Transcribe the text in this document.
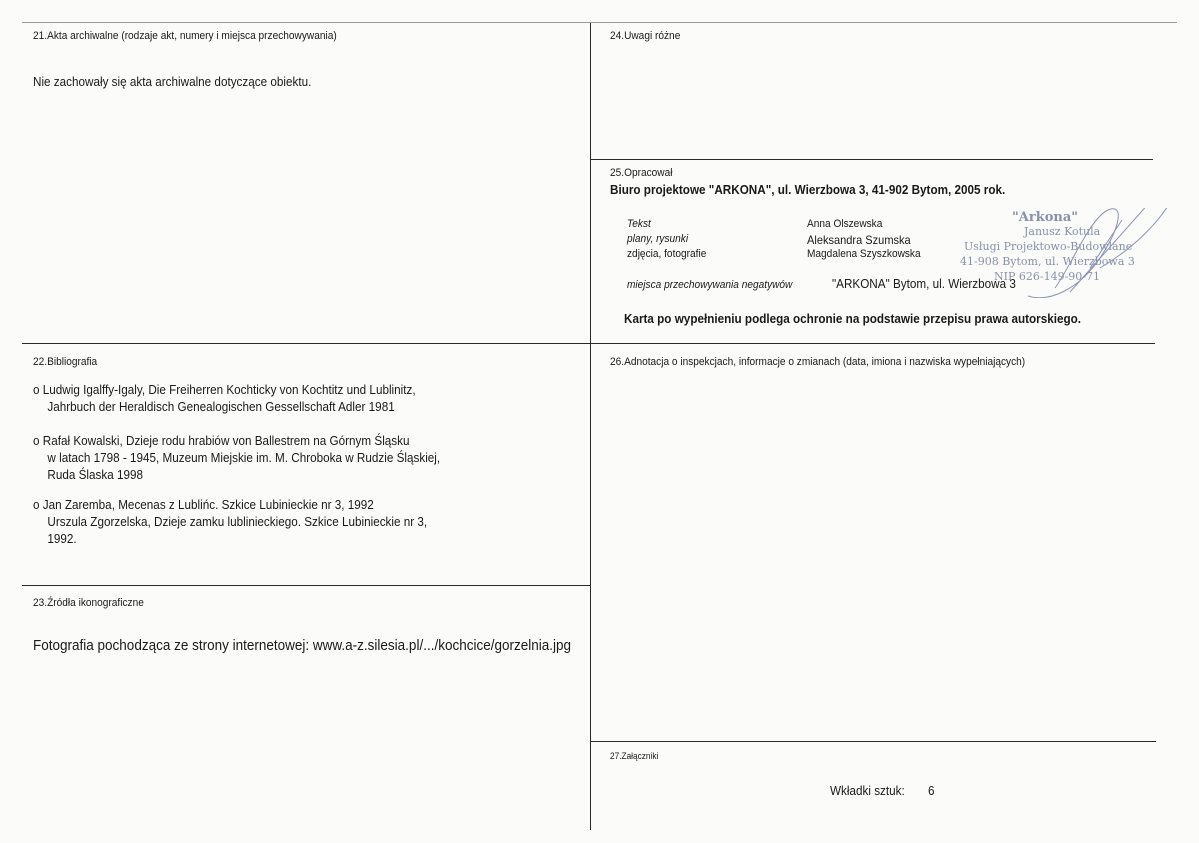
21.Akta archiwalne (rodzaje akt, numery i miejsca przechowywania)
Nie zachowały się akta archiwalne dotyczące obiektu.
24.Uwagi różne
25.Opracował
Biuro projektowe "ARKONA", ul. Wierzbowa 3, 41-902 Bytom, 2005 rok.
Tekst
plany, rysunki
zdjęcia, fotografie
Anna Olszewska
Aleksandra Szumska
Magdalena Szyszkowska
miejsca przechowywania negatywów	"ARKONA" Bytom, ul. Wierzbowa 3
Karta po wypełnieniu podlega ochronie na podstawie przepisu prawa autorskiego.
"Arkona"
Janusz Kotula
Usługi Projektowo-Budowlane
41-908 Bytom, ul. Wierzbowa 3
NIP 626-149-90-71
22.Bibliografia
o Ludwig Igalffy-Igaly, Die Freiherren Kochticky von Kochtitz und Lublinitz,
Jahrbuch der Heraldisch Genealogischen Gessellschaft Adler 1981
o Rafał Kowalski, Dzieje rodu hrabiów von Ballestrem na Górnym Śląsku
w latach 1798 - 1945, Muzeum Miejskie im. M. Chroboka w Rudzie Śląskiej,
Ruda Ślaska 1998
o Jan Zaremba, Mecenas z Lublińc. Szkice Lubinieckie nr 3, 1992
Urszula Zgorzelska, Dzieje zamku lublinieckiego. Szkice Lubinieckie nr 3,
1992.
26.Adnotacja o inspekcjach, informacje o zmianach (data, imiona i nazwiska wypełniających)
23.Źródła ikonograficzne
Fotografia pochodząca ze strony internetowej: www.a-z.silesia.pl/.../kochcice/gorzelnia.jpg
27.Załączniki
Wkładki sztuk: 6
